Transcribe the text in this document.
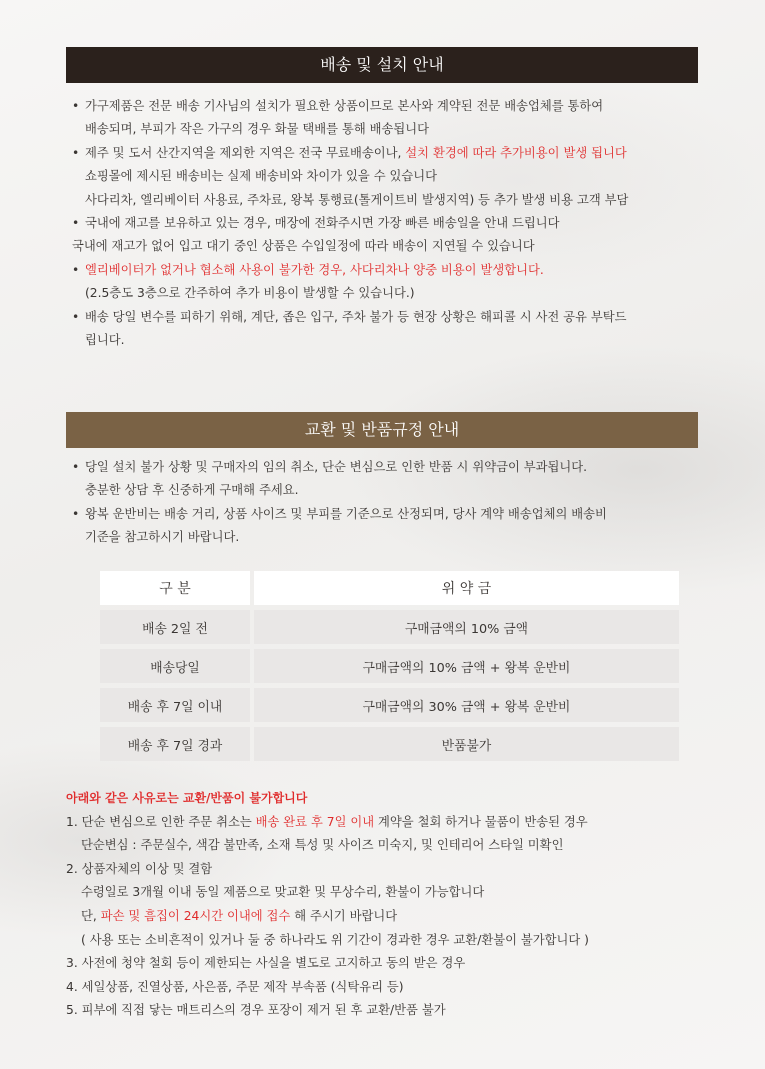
배송 및 설치 안내
• 가구제품은 전문 배송 기사님의 설치가 필요한 상품이므로 본사와 계약된 전문 배송업체를 통하여
배송되며, 부피가 작은 가구의 경우 화물 택배를 통해 배송됩니다
• 제주 및 도서 산간지역을 제외한 지역은 전국 무료배송이나, 설치 환경에 따라 추가비용이 발생 됩니다
쇼핑몰에 제시된 배송비는 실제 배송비와 차이가 있을 수 있습니다
사다리차, 엘리베이터 사용료, 주차료, 왕복 통행료(톨게이트비 발생지역) 등 추가 발생 비용 고객 부담
• 국내에 재고를 보유하고 있는 경우, 매장에 전화주시면 가장 빠른 배송일을 안내 드립니다
국내에 재고가 없어 입고 대기 중인 상품은 수입일정에 따라 배송이 지연될 수 있습니다
• 엘리베이터가 없거나 협소해 사용이 불가한 경우, 사다리차나 양중 비용이 발생합니다.
(2.5층도 3층으로 간주하여 추가 비용이 발생할 수 있습니다.)
• 배송 당일 변수를 피하기 위해, 계단, 좁은 입구, 주차 불가 등 현장 상황은 해피콜 시 사전 공유 부탁드
립니다.
교환 및 반품규정 안내
• 당일 설치 불가 상황 및 구매자의 임의 취소, 단순 변심으로 인한 반품 시 위약금이 부과됩니다.
충분한 상담 후 신중하게 구매해 주세요.
• 왕복 운반비는 배송 거리, 상품 사이즈 및 부피를 기준으로 산정되며, 당사 계약 배송업체의 배송비
기준을 참고하시기 바랍니다.
구 분	위 약 금
배송 2일 전	구매금액의 10% 금액
배송당일	구매금액의 10% 금액 + 왕복 운반비
배송 후 7일 이내	구매금액의 30% 금액 + 왕복 운반비
배송 후 7일 경과	반품불가
아래와 같은 사유로는 교환/반품이 불가합니다
1. 단순 변심으로 인한 주문 취소는 배송 완료 후 7일 이내 계약을 철회 하거나 물품이 반송된 경우
단순변심 : 주문실수, 색감 불만족, 소재 특성 및 사이즈 미숙지, 및 인테리어 스타일 미확인
2. 상품자체의 이상 및 결함
수령일로 3개월 이내 동일 제품으로 맞교환 및 무상수리, 환불이 가능합니다
단, 파손 및 흠집이 24시간 이내에 접수 해 주시기 바랍니다
( 사용 또는 소비흔적이 있거나 둘 중 하나라도 위 기간이 경과한 경우 교환/환불이 불가합니다 )
3. 사전에 청약 철회 등이 제한되는 사실을 별도로 고지하고 동의 받은 경우
4. 세일상품, 진열상품, 사은품, 주문 제작 부속품 (식탁유리 등)
5. 피부에 직접 닿는 매트리스의 경우 포장이 제거 된 후 교환/반품 불가
